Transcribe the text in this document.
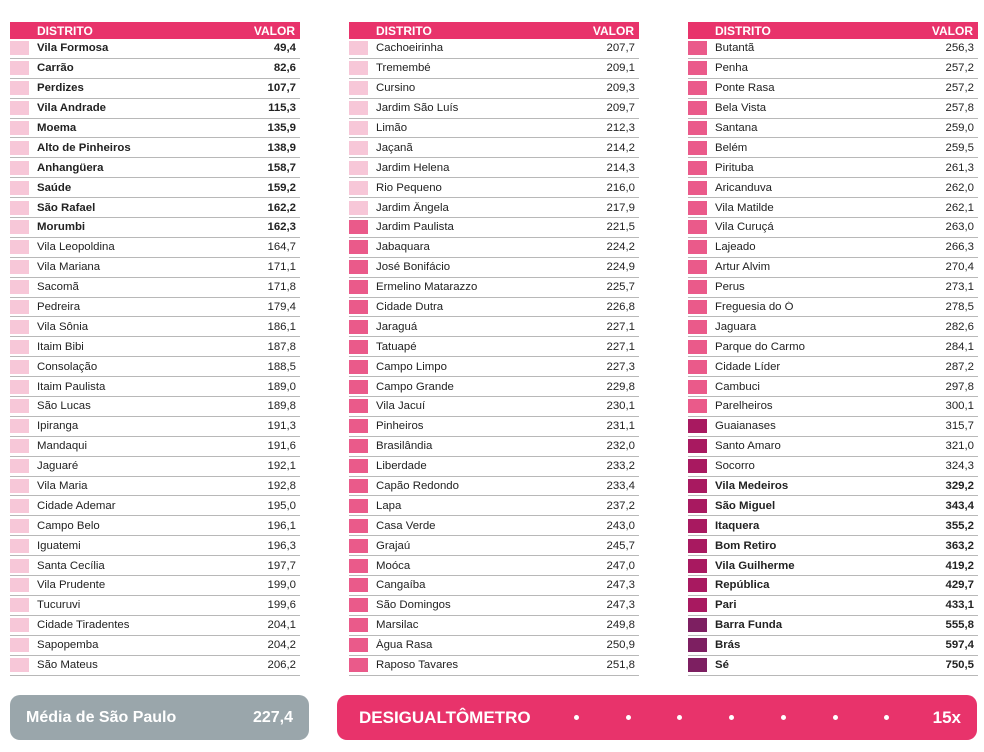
DISTRITO	VALOR
Vila Formosa	49,4
Carrão	82,6
Perdizes	107,7
Vila Andrade	115,3
Moema	135,9
Alto de Pinheiros	138,9
Anhangüera	158,7
Saúde	159,2
São Rafael	162,2
Morumbi	162,3
Vila Leopoldina	164,7
Vila Mariana	171,1
Sacomã	171,8
Pedreira	179,4
Vila Sônia	186,1
Itaim Bibi	187,8
Consolação	188,5
Itaim Paulista	189,0
São Lucas	189,8
Ipiranga	191,3
Mandaqui	191,6
Jaguaré	192,1
Vila Maria	192,8
Cidade Ademar	195,0
Campo Belo	196,1
Iguatemi	196,3
Santa Cecília	197,7
Vila Prudente	199,0
Tucuruvi	199,6
Cidade Tiradentes	204,1
Sapopemba	204,2
São Mateus	206,2
DISTRITO	VALOR
Cachoeirinha	207,7
Tremembé	209,1
Cursino	209,3
Jardim São Luís	209,7
Limão	212,3
Jaçanã	214,2
Jardim Helena	214,3
Rio Pequeno	216,0
Jardim Ângela	217,9
Jardim Paulista	221,5
Jabaquara	224,2
José Bonifácio	224,9
Ermelino Matarazzo	225,7
Cidade Dutra	226,8
Jaraguá	227,1
Tatuapé	227,1
Campo Limpo	227,3
Campo Grande	229,8
Vila Jacuí	230,1
Pinheiros	231,1
Brasilândia	232,0
Liberdade	233,2
Capão Redondo	233,4
Lapa	237,2
Casa Verde	243,0
Grajaú	245,7
Moóca	247,0
Cangaíba	247,3
São Domingos	247,3
Marsilac	249,8
Água Rasa	250,9
Raposo Tavares	251,8
DISTRITO	VALOR
Butantã	256,3
Penha	257,2
Ponte Rasa	257,2
Bela Vista	257,8
Santana	259,0
Belém	259,5
Pirituba	261,3
Aricanduva	262,0
Vila Matilde	262,1
Vila Curuçá	263,0
Lajeado	266,3
Artur Alvim	270,4
Perus	273,1
Freguesia do Ó	278,5
Jaguara	282,6
Parque do Carmo	284,1
Cidade Líder	287,2
Cambuci	297,8
Parelheiros	300,1
Guaianases	315,7
Santo Amaro	321,0
Socorro	324,3
Vila Medeiros	329,2
São Miguel	343,4
Itaquera	355,2
Bom Retiro	363,2
Vila Guilherme	419,2
República	429,7
Pari	433,1
Barra Funda	555,8
Brás	597,4
Sé	750,5
Média de São Paulo	227,4	DESIGUALTÔMETRO	15x
